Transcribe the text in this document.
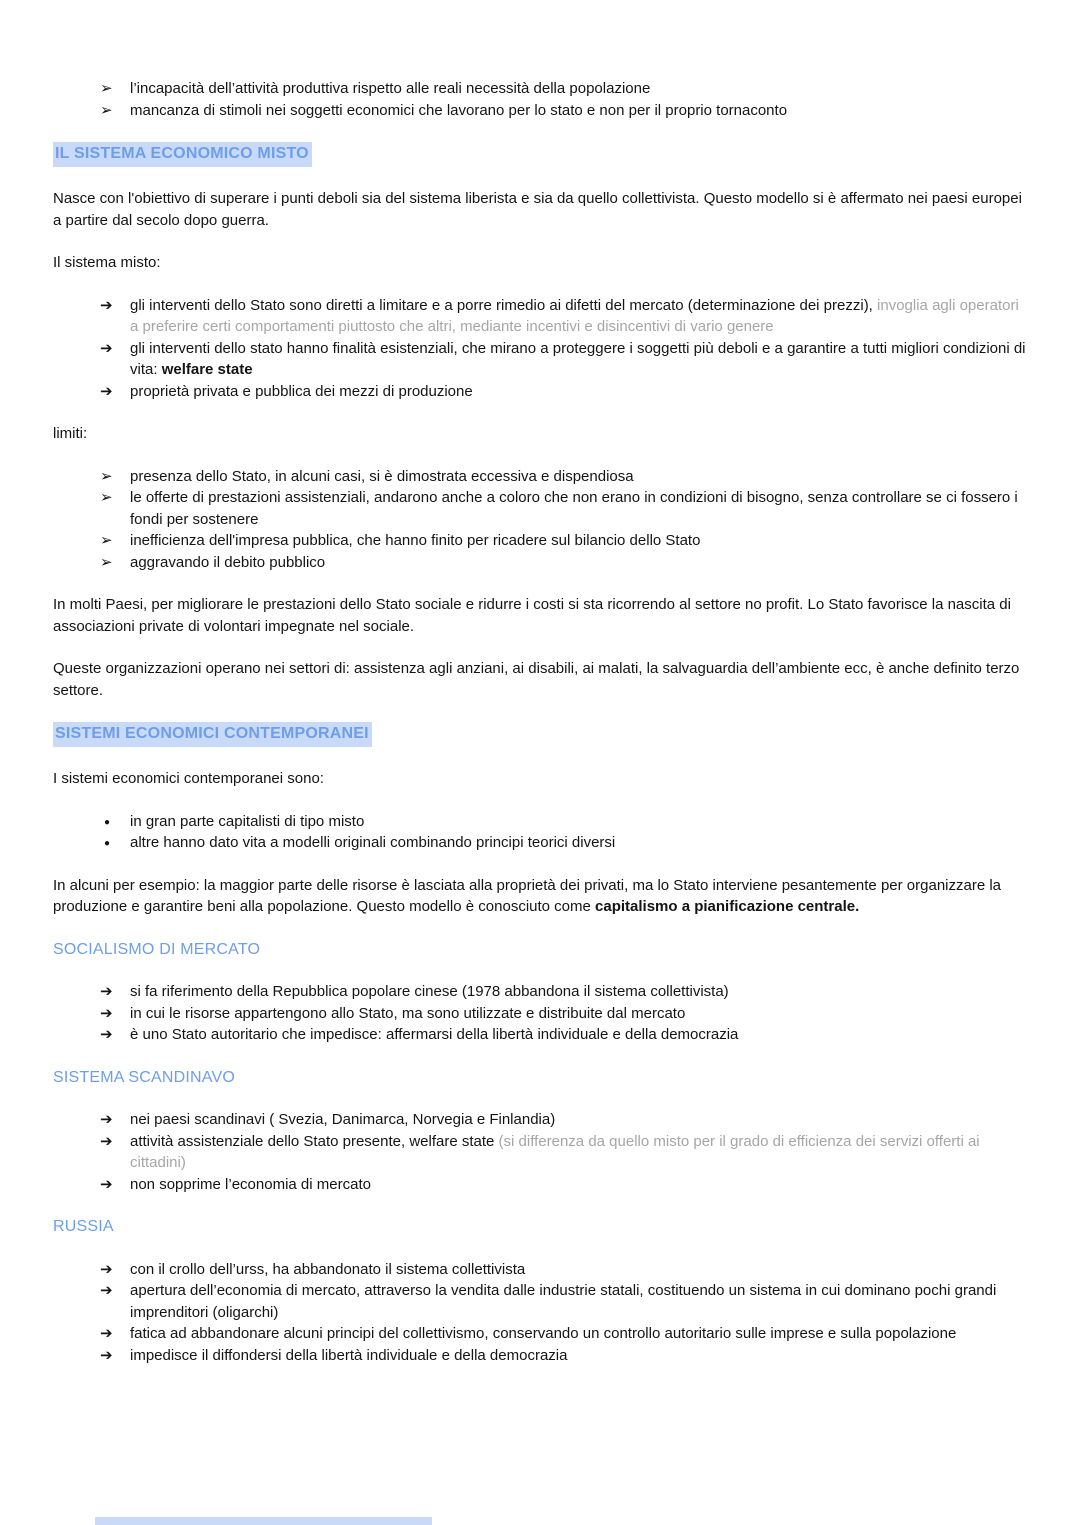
➢	l’incapacità dell’attività produttiva rispetto alle reali necessità della popolazione
➢	mancanza di stimoli nei soggetti economici che lavorano per lo stato e non per il proprio tornaconto
IL SISTEMA ECONOMICO MISTO
Nasce con l'obiettivo di superare i punti deboli sia del sistema liberista e sia da quello collettivista. Questo modello si è affermato nei paesi europei a partire dal secolo dopo guerra.
Il sistema misto:
➔	gli interventi dello Stato sono diretti a limitare e a porre rimedio ai difetti del mercato (determinazione dei prezzi), invoglia agli operatori a preferire certi comportamenti piuttosto che altri, mediante incentivi e disincentivi di vario genere
➔	gli interventi dello stato hanno finalità esistenziali, che mirano a proteggere i soggetti più deboli e a garantire a tutti migliori condizioni di vita: welfare state
➔	proprietà privata e pubblica dei mezzi di produzione
limiti:
➢	presenza dello Stato, in alcuni casi, si è dimostrata eccessiva e dispendiosa
➢	le offerte di prestazioni assistenziali, andarono anche a coloro che non erano in condizioni di bisogno, senza controllare se ci fossero i fondi per sostenere
➢	inefficienza dell'impresa pubblica, che hanno finito per ricadere sul bilancio dello Stato
➢	aggravando il debito pubblico
In molti Paesi, per migliorare le prestazioni dello Stato sociale e ridurre i costi si sta ricorrendo al settore no profit. Lo Stato favorisce la nascita di associazioni private di volontari impegnate nel sociale.
Queste organizzazioni operano nei settori di: assistenza agli anziani, ai disabili, ai malati, la salvaguardia dell’ambiente ecc, è anche definito terzo settore.
SISTEMI ECONOMICI CONTEMPORANEI
I sistemi economici contemporanei sono:
●	in gran parte capitalisti di tipo misto
●	altre hanno dato vita a modelli originali combinando principi teorici diversi
In alcuni per esempio: la maggior parte delle risorse è lasciata alla proprietà dei privati, ma lo Stato interviene pesantemente per organizzare la produzione e garantire beni alla popolazione. Questo modello è conosciuto come capitalismo a pianificazione centrale.
SOCIALISMO DI MERCATO
➔	si fa riferimento della Repubblica popolare cinese (1978 abbandona il sistema collettivista)
➔	in cui le risorse appartengono allo Stato, ma sono utilizzate e distribuite dal mercato
➔	è uno Stato autoritario che impedisce: affermarsi della libertà individuale e della democrazia
SISTEMA SCANDINAVO
➔	nei paesi scandinavi ( Svezia, Danimarca, Norvegia e Finlandia)
➔	attività assistenziale dello Stato presente, welfare state (si differenza da quello misto per il grado di efficienza dei servizi offerti ai cittadini)
➔	non sopprime l’economia di mercato
RUSSIA
➔	con il crollo dell’urss, ha abbandonato il sistema collettivista
➔	apertura dell’economia di mercato, attraverso la vendita dalle industrie statali, costituendo un sistema in cui dominano pochi grandi imprenditori (oligarchi)
➔	fatica ad abbandonare alcuni principi del collettivismo, conservando un controllo autoritario sulle imprese e sulla popolazione
➔	impedisce il diffondersi della libertà individuale e della democrazia
